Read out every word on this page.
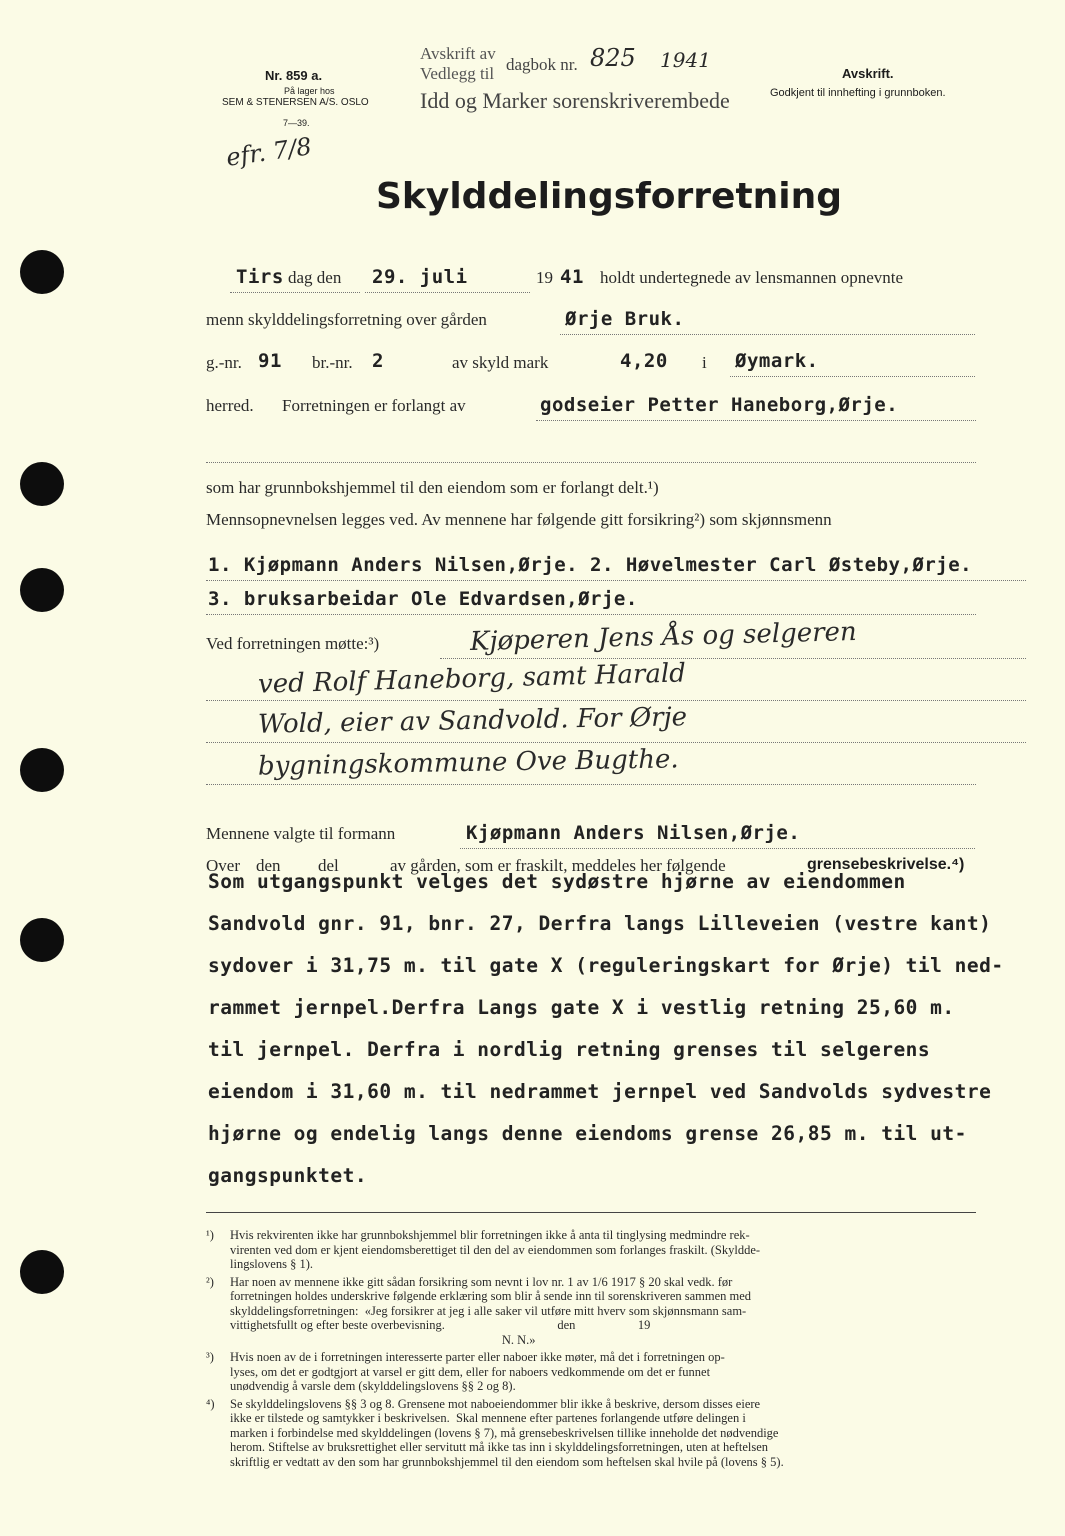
Nr. 859 a.
På lager hos
SEM & STENERSEN A/S. OSLO
7—39.
efr. 7/8
Avskrift av
Vedlegg til dagbok nr. 825 1941
Idd og Marker sorenskriverembede
Avskrift.
Godkjent til innhefting i grunnboken.
Skylddelingsforretning
Tirs dag den 29. juli	19 41 holdt undertegnede av lensmannen opnevnte
menn skylddelingsforretning over gården	Ørje Bruk.
g.-nr. 91 br.-nr. 2	av skyld mark	4,20 i Øymark.
herred. Forretningen er forlangt av	godseier Petter Haneborg,Ørje.
som har grunnbokshjemmel til den eiendom som er forlangt delt.¹)
Mennsopnevnelsen legges ved. Av mennene har følgende gitt forsikring²) som skjønnsmenn
1. Kjøpmann Anders Nilsen,Ørje. 2. Høvelmester Carl Østeby,Ørje.
3. bruksarbeidar Ole Edvardsen,Ørje.
Ved forretningen møtte:³)	Kjøperen Jens Ås og selgeren
ved Rolf Haneborg, samt Harald
Wold, eier av Sandvold. For Ørje
bygningskommune Ove Bugthe.
Mennene valgte til formann	Kjøpmann Anders Nilsen,Ørje.
Over den del	av gården, som er fraskilt, meddeles her følgende	grensebeskrivelse.⁴)
Som utgangspunkt velges det sydøstre hjørne av eiendommen
Sandvold gnr. 91, bnr. 27, Derfra langs Lilleveien (vestre kant)
sydover i 31,75 m. til gate X (reguleringskart for Ørje) til ned-
rammet jernpel.Derfra Langs gate X i vestlig retning 25,60 m.
til jernpel. Derfra i nordlig retning grenses til selgerens
eiendom i 31,60 m. til nedrammet jernpel ved Sandvolds sydvestre
hjørne og endelig langs denne eiendoms grense 26,85 m. til ut-
gangspunktet.
¹) Hvis rekvirenten ikke har grunnbokshjemmel blir forretningen ikke å anta til tinglysing medmindre rek-
virenten ved dom er kjent eiendomsberettiget til den del av eiendommen som forlanges fraskilt. (Skyldde-
lingslovens § 1).
²) Har noen av mennene ikke gitt sådan forsikring som nevnt i lov nr. 1 av 1/6 1917 § 20 skal vedk. før
forretningen holdes underskrive følgende erklæring som blir å sende inn til sorenskriveren sammen med
skylddelingsforretningen:  «Jeg forsikrer at jeg i alle saker vil utføre mitt hverv som skjønnsmann sam-
vittighetsfullt og efter beste overbevisning.                                    den                    19
N. N.»
³) Hvis noen av de i forretningen interesserte parter eller naboer ikke møter, må det i forretningen op-
lyses, om det er godtgjort at varsel er gitt dem, eller for naboers vedkommende om det er funnet
unødvendig å varsle dem (skylddelingslovens §§ 2 og 8).
⁴) Se skylddelingslovens §§ 3 og 8. Grensene mot naboeiendommer blir ikke å beskrive, dersom disses eiere
ikke er tilstede og samtykker i beskrivelsen.  Skal mennene efter partenes forlangende utføre delingen i
marken i forbindelse med skylddelingen (lovens § 7), må grensebeskrivelsen tillike inneholde det nødvendige
herom. Stiftelse av bruksrettighet eller servitutt må ikke tas inn i skylddelingsforretningen, uten at heftelsen
skriftlig er vedtatt av den som har grunnbokshjemmel til den eiendom som heftelsen skal hvile på (lovens § 5).
